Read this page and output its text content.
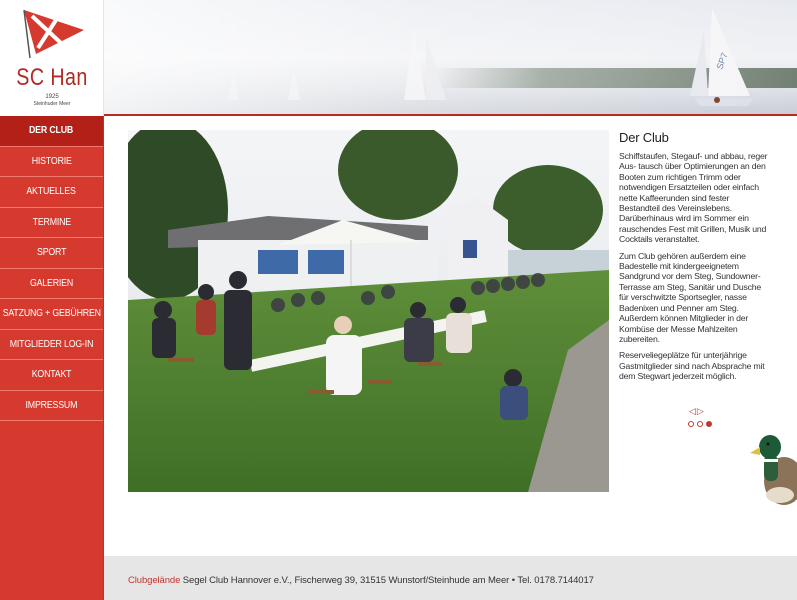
SC Han
1925
Steinhuder Meer
DER CLUB
HISTORIE
AKTUELLES
TERMINE
SPORT
GALERIEN
SATZUNG + GEBÜHREN
MITGLIEDER LOG-IN
KONTAKT
IMPRESSUM
Der Club

Schiffstaufen, Stegauf- und abbau, reger Aus- tausch über Optimierungen an den Booten zum richtigen Trimm oder notwendigen Ersatzteilen oder einfach nette Kaffeerunden sind fester Bestandteil des Vereinslebens. Darüberhinaus wird im Sommer ein rauschendes Fest mit Grillen, Musik und Cocktails veranstaltet.

Zum Club gehören außerdem eine Badestelle mit kindergeeignetem Sandgrund vor dem Steg, Sundowner-Terrasse am Steg, Sanitär und Dusche für verschwitzte Sportsegler, nasse Badenixen und Penner am Steg. Außerdem können Mitglieder in der Kombüse der Messe Mahlzeiten zubereiten.

Reserveliegeplätze für unterjährige Gastmitglieder sind nach Absprache mit dem Stegwart jederzeit möglich.

◁▷
Clubgelände Segel Club Hannover e.V., Fischerweg 39, 31515 Wunstorf/Steinhude am Meer • Tel. 0178.7144017
